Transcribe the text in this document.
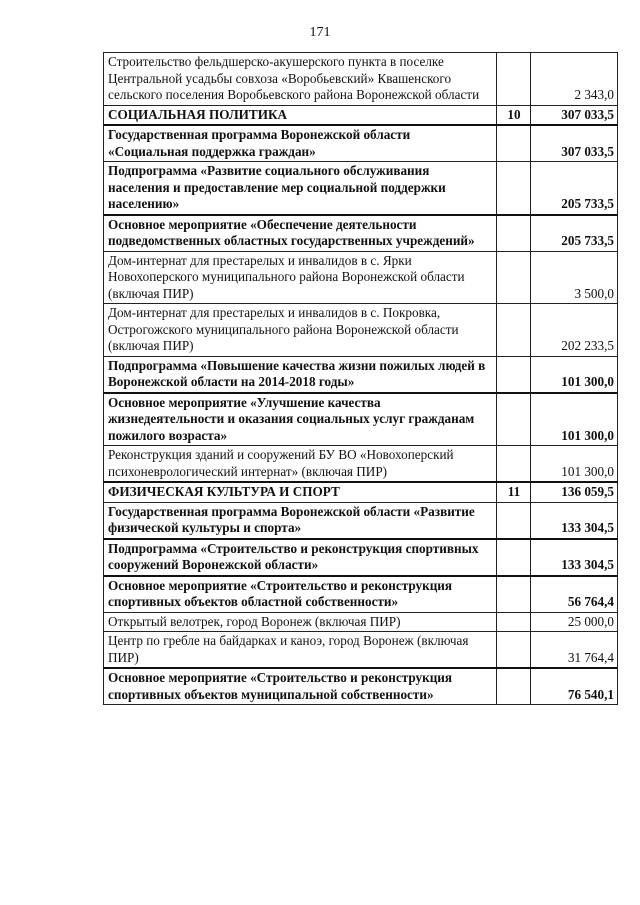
171
Строительство фельдшерско-акушерского пункта в поселке Центральной усадьбы совхоза «Воробьевский» Квашенского сельского поселения Воробьевского района Воронежской области		2 343,0
СОЦИАЛЬНАЯ ПОЛИТИКА	10	307 033,5
Государственная программа Воронежской области «Социальная поддержка граждан»		307 033,5
Подпрограмма «Развитие социального обслуживания населения и предоставление мер социальной поддержки населению»		205 733,5
Основное мероприятие «Обеспечение деятельности подведомственных областных государственных учреждений»		205 733,5
Дом-интернат для престарелых и инвалидов в с. Ярки Новохоперского муниципального района Воронежской области (включая ПИР)		3 500,0
Дом-интернат для престарелых и инвалидов в с. Покровка, Острогожского муниципального района Воронежской области (включая ПИР)		202 233,5
Подпрограмма «Повышение качества жизни пожилых людей в Воронежской области на 2014-2018 годы»		101 300,0
Основное мероприятие «Улучшение качества жизнедеятельности и оказания социальных услуг гражданам пожилого возраста»		101 300,0
Реконструкция зданий и сооружений БУ ВО «Новохоперский психоневрологический интернат» (включая ПИР)		101 300,0
ФИЗИЧЕСКАЯ КУЛЬТУРА И СПОРТ	11	136 059,5
Государственная программа Воронежской области «Развитие физической культуры и спорта»		133 304,5
Подпрограмма «Строительство и реконструкция спортивных сооружений Воронежской области»		133 304,5
Основное мероприятие «Строительство и реконструкция спортивных объектов областной собственности»		56 764,4
Открытый велотрек, город Воронеж (включая ПИР)		25 000,0
Центр по гребле на байдарках и каноэ, город Воронеж (включая ПИР)		31 764,4
Основное мероприятие «Строительство и реконструкция спортивных объектов муниципальной собственности»		76 540,1
